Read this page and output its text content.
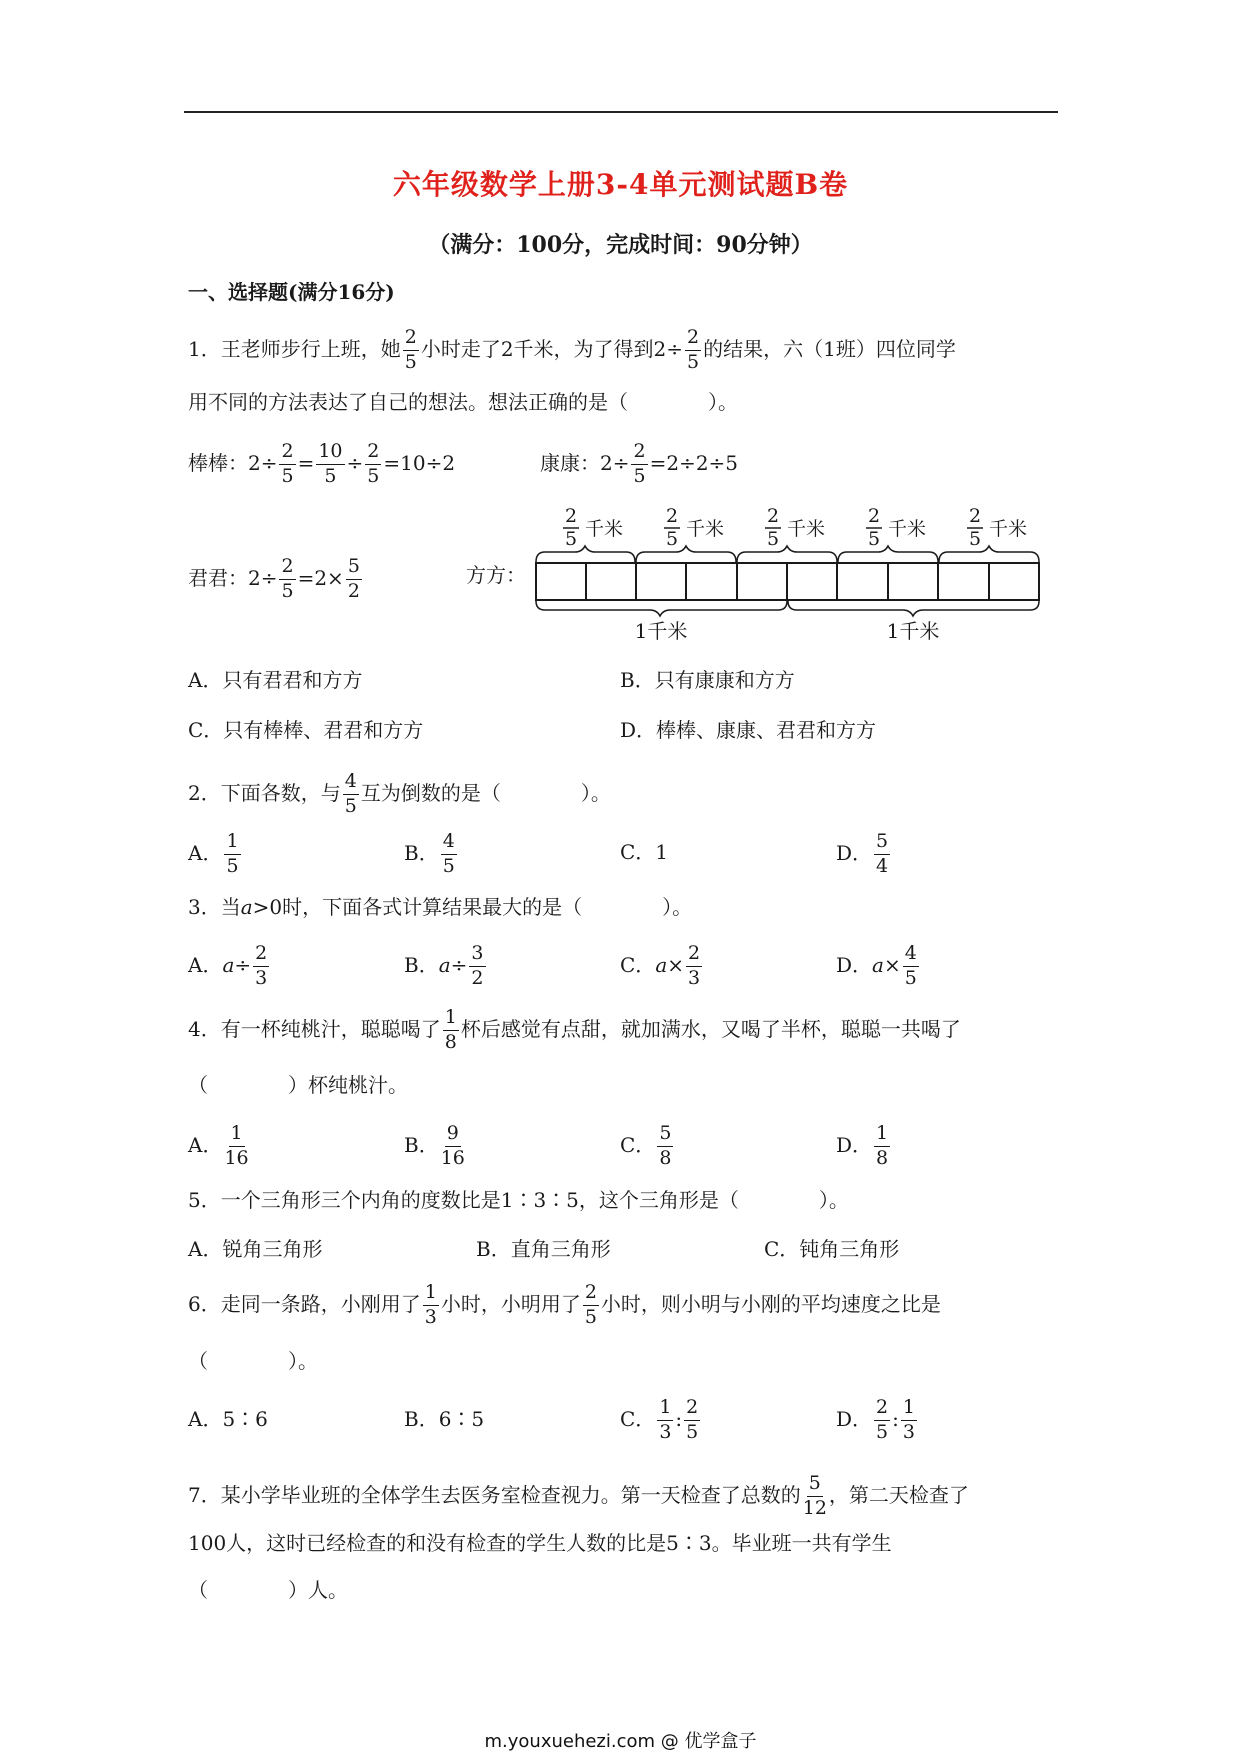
六年级数学上册3-4单元测试题B卷
（满分：100分，完成时间：90分钟）
一、选择题(满分16分)
1．王老师步行上班，她 $\frac{2}{5}$ 小时走了2千米，为了得到$2\div \frac{2}{5}$ 的结果，六（1班）四位同学
用不同的方法表达了自己的想法。想法正确的是（　　　　）。
棒棒：$2\div \frac{2}{5} = \frac{10}{5} \div \frac{2}{5} =10\div 2$	康康：$2\div \frac{2}{5} =2\div 2\div 5$
君君：$2\div \frac{2}{5} =2\times \frac{5}{2}$	方方：
2
5 千米
2
5 千米
2
5 千米
2
5 千米
2
5 千米
1千米	1千米
A．只有君君和方方	B．只有康康和方方
C．只有棒棒、君君和方方	D．棒棒、康康、君君和方方
2．下面各数，与 $\frac{4}{5}$ 互为倒数的是（　　　　）。
A． $\frac{1}{5}$	B． $\frac{4}{5}$	C．1	D． $\frac{5}{4}$
3．当a>0时，下面各式计算结果最大的是（　　　　）。
A．$a\div \frac{2}{3}$	B．$a\div \frac{3}{2}$	C．$a\times \frac{2}{3}$	D．$a\times \frac{4}{5}$
4．有一杯纯桃汁，聪聪喝了 $\frac{1}{8}$ 杯后感觉有点甜，就加满水，又喝了半杯，聪聪一共喝了
（　　　　）杯纯桃汁。
A． $\frac{1}{16}$	B． $\frac{9}{16}$	C． $\frac{5}{8}$	D． $\frac{1}{8}$
5．一个三角形三个内角的度数比是1∶3∶5，这个三角形是（　　　　）。
A．锐角三角形	B．直角三角形	C．钝角三角形
6．走同一条路，小刚用了 $\frac{1}{3}$ 小时，小明用了 $\frac{2}{5}$ 小时，则小明与小刚的平均速度之比是
（　　　　）。
A．5∶6	B．6∶5	C． $\frac{1}{3}$ : $\frac{2}{5}$	D． $\frac{2}{5}$ : $\frac{1}{3}$
7．某小学毕业班的全体学生去医务室检查视力。第一天检查了总数的 $\frac{5}{12}$ ，第二天检查了
100人，这时已经检查的和没有检查的学生人数的比是5∶3。毕业班一共有学生
（　　　　）人。
m.youxuehezi.com @ 优学盒子
